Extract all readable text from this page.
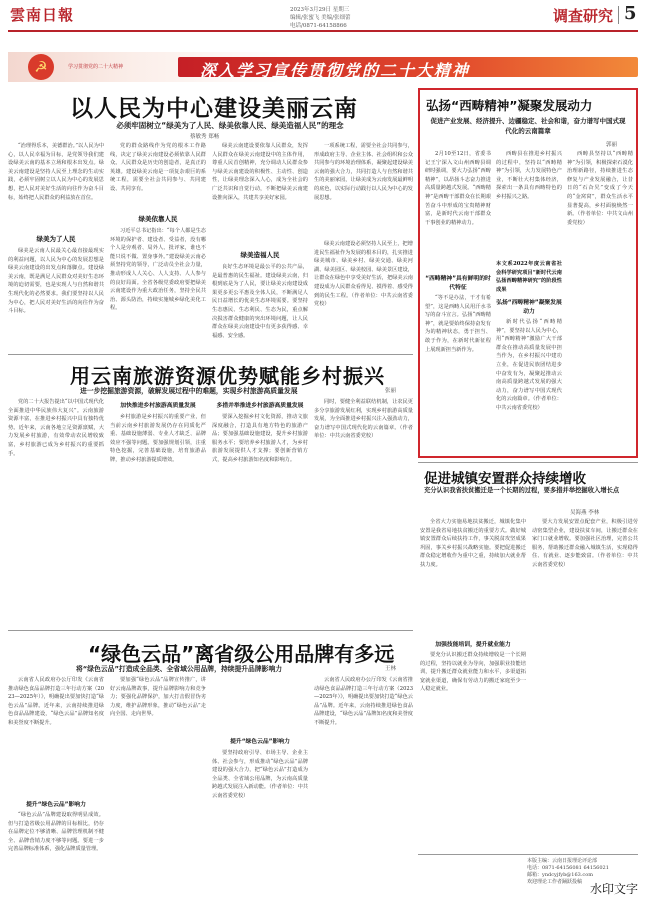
雲南日報	2023年3月29日 星期三
编辑/张蜜飞 美编/张细蕾
电话/0871-64158866
调查研究 5
☭	学习贯彻党的二十大精神	深入学习宣传贯彻党的二十大精神
以人民为中心建设美丽云南
必须牢固树立“绿美为了人民、绿美依靠人民、绿美造福人民”的理念
蔡敏秀 郑畅
“治理得乐本，美德群治。”以人民为中心，以人民幸福为目标，是党领导我们建设绿美云南的基本立场和根本出发点。绿美云南建设是坚持人民至上理念的生动实践，必须牢固树立以人民为中心的发展思想，把人民对美好生活的向往作为奋斗目标，始终把人民群众的利益放在首位。
绿美为了人民
绿美是云南人民最关心最直接最现实的利益问题，以人民为中心的发展思想是绿美云南建设的出发点和落脚点。建设绿美云南，既是满足人民群众对美好生态环境的迫切需要，也是实现人与自然和谐共生现代化的必然要求。我们要坚持以人民为中心，把人民对美好生活的向往作为奋斗目标。
党的群众路线作为党的根本工作路线，决定了绿美云南建设必须依靠人民群众。人民群众是历史的创造者，是真正的英雄。建设绿美云南是一项复杂艰巨的系统工程，需要全社会共同参与、共同建设、共同享有。
绿美依靠人民
习近平总书记指出：“每个人都是生态环境的保护者、建设者、受益者，没有哪个人是旁观者、局外人、批评家，谁也不能只说不做、置身事外。”建设绿美云南必须坚持党的领导，广泛动员全社会力量，推动形成人人关心、人人支持、人人参与的良好局面。全省各级党委政府要把绿美云南建设作为重大政治任务，坚持全民共治、源头防治，持续实施城乡绿化美化工程。
绿美云南建设要依靠人民群众，发挥人民群众在绿美云南建设中的主体作用，尊重人民首创精神，充分调动人民群众参与绿美云南建设的积极性、主动性、创造性，让绿美理念深入人心，成为全社会的广泛共识和自觉行动，不断把绿美云南建设推向深入，共建共享美好家园。
绿美造福人民
良好生态环境是最公平的公共产品，是最普惠的民生福祉。建设绿美云南，归根到底是为了人民，要让绿美云南建设成果更多更公平惠及全体人民，不断满足人民日益增长的优美生态环境需要。要坚持生态惠民、生态利民、生态为民，重点解决损害群众健康的突出环境问题，让人民群众在绿美云南建设中有更多获得感、幸福感、安全感。
一项系统工程，需要全社会共同参与，形成政府主导、企业主体、社会组织和公众共同参与的环境治理体系，凝聚起建设绿美云南的强大合力，共同打造人与自然和谐共生的美丽家园，让绿美成为云南发展最鲜明的底色，以实际行动践行以人民为中心的发展思想。
绿美云南建设必须坚持人民至上，把增进民生福祉作为发展的根本目的，扎实推进绿美城市、绿美乡村、绿美交通、绿美河湖、绿美园区、绿美校园、绿美景区建设，让群众在绿色中享受美好生活，把绿美云南建设成为人民群众看得见、摸得着、感受得到的民生工程。（作者单位：中共云南省委党校）
弘扬“西畴精神”凝聚发展动力
促进产业发展、经济提升、边疆稳定、社会和谐，奋力谱写中国式现代化的云南篇章
郭丽
2月10至12日，省委书记王宁深入文山州西畴县调研时强调，要大力弘扬“西畴精神”，以昂扬斗志奋力推进高质量跨越式发展。“西畴精神”是西畴干部群众在长期艰苦奋斗中形成的宝贵精神财富，是新时代云南干部群众干事创业的精神动力。
“西畴精神”具有鲜明的时代特征
“等不是办法，干才有希望”，这是西畴人民用汗水书写的奋斗宣言。弘扬“西畴精神”，就是要始终保持奋发有为的精神状态，勇于担当、敢于作为，在新时代新征程上展现新担当新作为。
西畴县在推进乡村振兴的过程中，坚持以“西畴精神”为引领，大力发展特色产业，不断壮大村集体经济，探索出一条具有西畴特色的乡村振兴之路。
本文系2022年度云南省社会科学研究项目“新时代云南弘扬西畴精神研究”的阶段性成果
弘扬“西畴精神”凝聚发展动力
新时代弘扬“西畴精神”，要坚持以人民为中心，用“西畴精神”激励广大干部群众在推动高质量发展中担当作为，在乡村振兴中建功立业，在促进民族团结进步中奋发有为，凝聚起推动云南高质量跨越式发展的强大动力，奋力谱写中国式现代化的云南篇章。（作者单位：中共云南省委党校）
西畴县坚持以“西畴精神”为引领，积极探索石漠化治理新路径，持续推进生态修复与产业发展融合，让昔日的“石旮旯”变成了今天的“金窝窝”，群众生活水平显著提高，乡村面貌焕然一新。（作者单位：中共文山州委党校）
用云南旅游资源优势赋能乡村振兴
进一步挖掘旅游资源，破解发展过程中的难题，实现乡村旅游高质量发展	张丽
党的二十大报告提出“以中国式现代化全面推进中华民族伟大复兴”。云南旅游资源丰富，在推进乡村振兴中具有独特优势。近年来，云南各地立足资源禀赋，大力发展乡村旅游，有效带动农民增收致富，乡村旅游已成为乡村振兴的重要抓手。
加快推进乡村旅游高质量发展
乡村旅游是乡村振兴的重要产业，但当前云南乡村旅游发展仍存在同质化严重、基础设施薄弱、专业人才缺乏、品牌效应不强等问题。要加强规划引领，注重特色挖掘，完善基础设施，培育旅游品牌，推动乡村旅游提质增效。
多措并举推进乡村旅游高质量发展
要深入挖掘乡村文化资源，推动文旅深度融合，打造具有地方特色的旅游产品；要加强基础设施建设，提升乡村旅游服务水平；要培养乡村旅游人才，为乡村旅游发展提供人才支撑；要创新营销方式，提高乡村旅游知名度和影响力。
同时，要健全利益联结机制，让农民更多分享旅游发展红利，实现乡村旅游高质量发展，为全面推进乡村振兴注入强劲动力，奋力谱写中国式现代化的云南篇章。（作者单位：中共云南省委党校）
促进城镇安置群众持续增收
充分认识我省扶贫搬迁是一个长期的过程，要多措并举挖掘收入增长点
吴海燕 李林
全省大力实施易地扶贫搬迁，城镇化集中安置是我省易地扶贫搬迁的重要方式。做好城镇安置群众后续扶持工作，事关脱贫攻坚成果巩固，事关乡村振兴战略实施。要把促进搬迁群众稳定增收作为重中之重，持续加大就业帮扶力度。
加强技能培训，提升就业能力
要充分认识搬迁群众持续增收是一个长期的过程，坚持以就业为导向，加强职业技能培训，提升搬迁群众就业能力和水平，多渠道拓宽就业渠道，确保有劳动力的搬迁家庭至少一人稳定就业。
要大力发展安置点配套产业，积极引进劳动密集型企业，建设扶贫车间，让搬迁群众在家门口就业增收。要加强社区治理，完善公共服务，帮助搬迁群众融入城镇生活，实现稳得住、有就业、逐步能致富。（作者单位：中共云南省委党校）
“绿色云品”离省级公用品牌有多远
将“绿色云品”打造成全品类、全省域公用品牌，持续提升品牌影响力	王林
云南省人民政府办公厅印发《云南省推动绿色食品品牌打造三年行动方案（2023—2025年）》，明确提出要加快打造“绿色云品”品牌。近年来，云南持续推进绿色食品品牌建设，“绿色云品”品牌知名度和美誉度不断提升。
提升“绿色云品”影响力
“绿色云品”品牌建设取得明显成效。但与打造省级公用品牌的目标相比，仍存在品牌定位不够清晰、品牌管理机制不健全、品牌营销力度不够等问题。要进一步完善品牌标准体系，强化品牌质量管理。
要加强“绿色云品”品牌宣传推广，讲好云南品牌故事，提升品牌影响力和竞争力；要强化品牌保护，加大打击假冒伪劣力度，维护品牌形象，推动“绿色云品”走向全国、走向世界。
提升“绿色云品”影响力
要坚持政府引导、市场主导、企业主体、社会参与，形成推动“绿色云品”品牌建设的强大合力，把“绿色云品”打造成为全品类、全省域公用品牌，为云南高质量跨越式发展注入新动能。（作者单位：中共云南省委党校）
云南省人民政府办公厅印发《云南省推动绿色食品品牌打造三年行动方案（2023—2025年）》，明确提出要加快打造“绿色云品”品牌。近年来，云南持续推进绿色食品品牌建设，“绿色云品”品牌知名度和美誉度不断提升。
本版主编：云南日报理论评论部
电话：0871-64156081 64156021
邮箱：yndcyjfyb@163.com
欢迎理论工作者踊跃投稿 水印文字
